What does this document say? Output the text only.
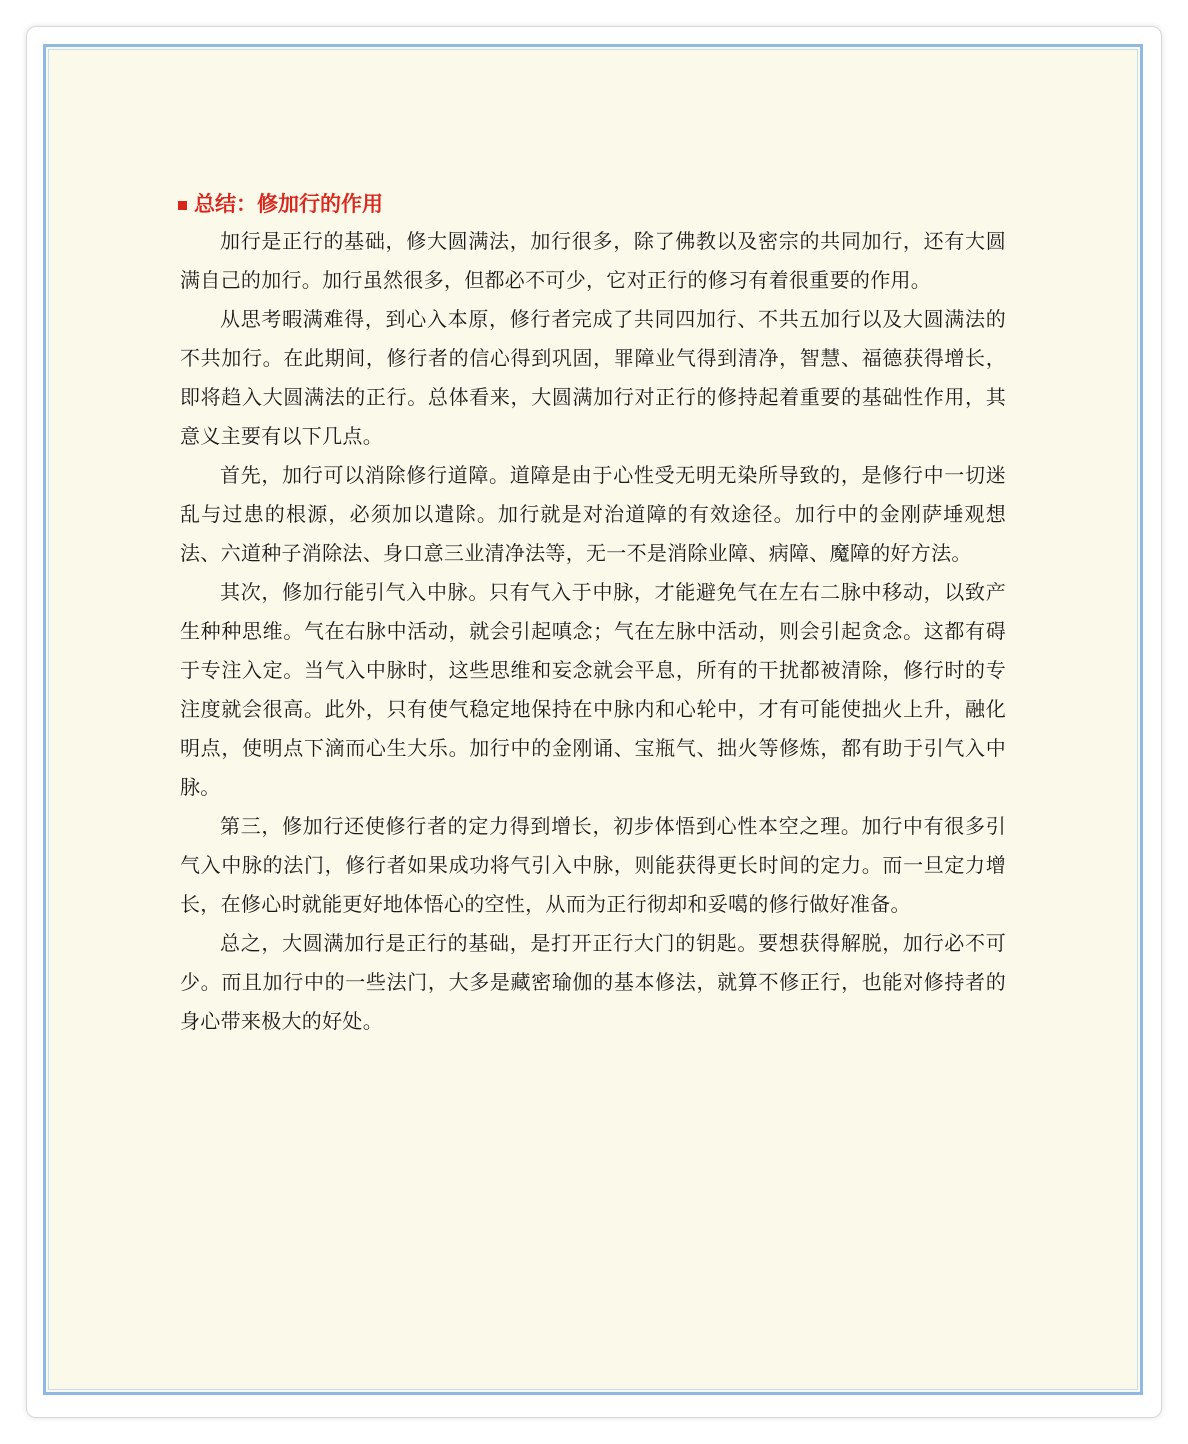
总结：修加行的作用

加行是正行的基础，修大圆满法，加行很多，除了佛教以及密宗的共同加行，还有大圆满自己的加行。加行虽然很多，但都必不可少，它对正行的修习有着很重要的作用。

从思考暇满难得，到心入本原，修行者完成了共同四加行、不共五加行以及大圆满法的不共加行。在此期间，修行者的信心得到巩固，罪障业气得到清净，智慧、福德获得增长，即将趋入大圆满法的正行。总体看来，大圆满加行对正行的修持起着重要的基础性作用，其意义主要有以下几点。

首先，加行可以消除修行道障。道障是由于心性受无明无染所导致的，是修行中一切迷乱与过患的根源，必须加以遣除。加行就是对治道障的有效途径。加行中的金刚萨埵观想法、六道种子消除法、身口意三业清净法等，无一不是消除业障、病障、魔障的好方法。

其次，修加行能引气入中脉。只有气入于中脉，才能避免气在左右二脉中移动，以致产生种种思维。气在右脉中活动，就会引起嗔念；气在左脉中活动，则会引起贪念。这都有碍于专注入定。当气入中脉时，这些思维和妄念就会平息，所有的干扰都被清除，修行时的专注度就会很高。此外，只有使气稳定地保持在中脉内和心轮中，才有可能使拙火上升，融化明点，使明点下滴而心生大乐。加行中的金刚诵、宝瓶气、拙火等修炼，都有助于引气入中脉。

第三，修加行还使修行者的定力得到增长，初步体悟到心性本空之理。加行中有很多引气入中脉的法门，修行者如果成功将气引入中脉，则能获得更长时间的定力。而一旦定力增长，在修心时就能更好地体悟心的空性，从而为正行彻却和妥噶的修行做好准备。

总之，大圆满加行是正行的基础，是打开正行大门的钥匙。要想获得解脱，加行必不可少。而且加行中的一些法门，大多是藏密瑜伽的基本修法，就算不修正行，也能对修持者的身心带来极大的好处。
